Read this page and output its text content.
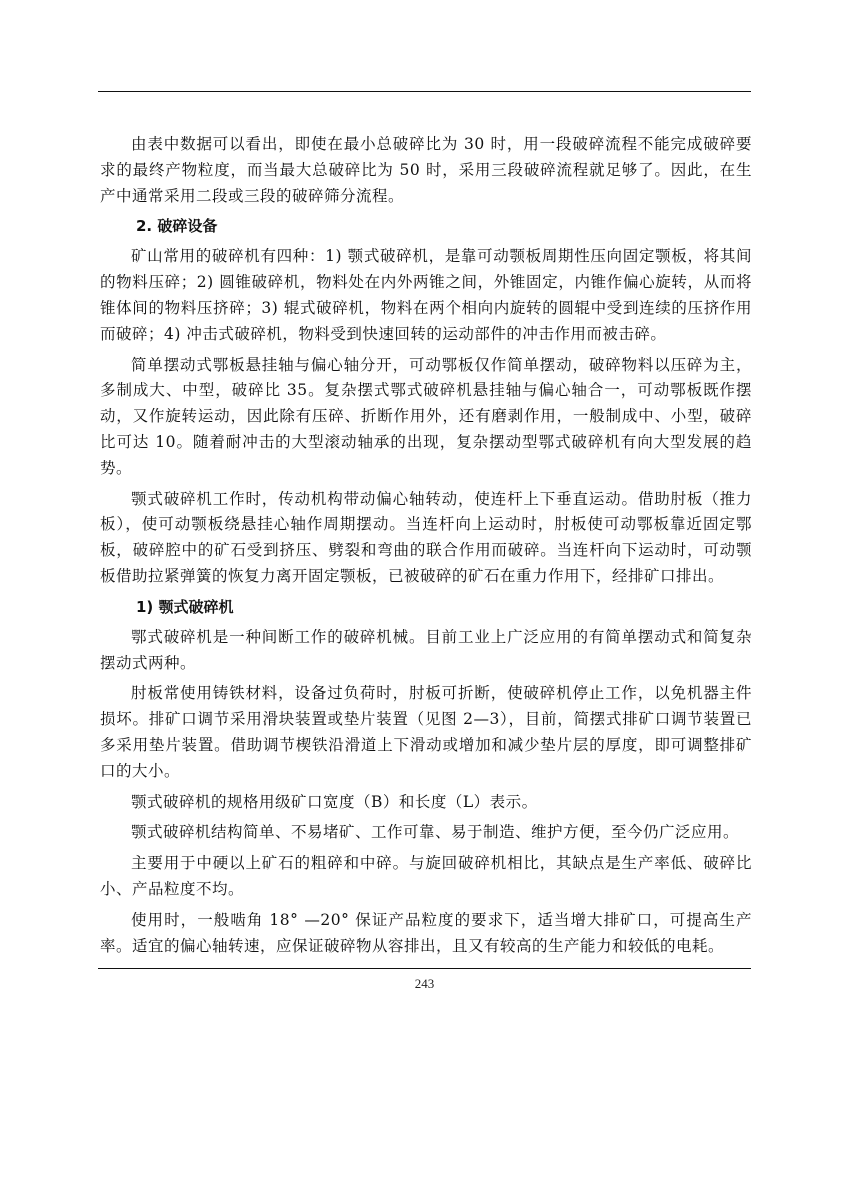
由表中数据可以看出，即使在最小总破碎比为 30 时，用一段破碎流程不能完成破碎要求的最终产物粒度，而当最大总破碎比为 50 时，采用三段破碎流程就足够了。因此，在生产中通常采用二段或三段的破碎筛分流程。

2. 破碎设备

矿山常用的破碎机有四种：1) 颚式破碎机，是靠可动颚板周期性压向固定颚板，将其间的物料压碎；2) 圆锥破碎机，物料处在内外两锥之间，外锥固定，内锥作偏心旋转，从而将锥体间的物料压挤碎；3) 辊式破碎机，物料在两个相向内旋转的圆辊中受到连续的压挤作用而破碎；4) 冲击式破碎机，物料受到快速回转的运动部件的冲击作用而被击碎。

简单摆动式鄂板悬挂轴与偏心轴分开，可动鄂板仅作简单摆动，破碎物料以压碎为主，多制成大、中型，破碎比 35。复杂摆式鄂式破碎机悬挂轴与偏心轴合一，可动鄂板既作摆动，又作旋转运动，因此除有压碎、折断作用外，还有磨剥作用，一般制成中、小型，破碎比可达 10。随着耐冲击的大型滚动轴承的出现，复杂摆动型鄂式破碎机有向大型发展的趋势。

颚式破碎机工作时，传动机构带动偏心轴转动，使连杆上下垂直运动。借助肘板（推力板），使可动颚板绕悬挂心轴作周期摆动。当连杆向上运动时，肘板使可动鄂板靠近固定鄂板，破碎腔中的矿石受到挤压、劈裂和弯曲的联合作用而破碎。当连杆向下运动时，可动颚板借助拉紧弹簧的恢复力离开固定颚板，已被破碎的矿石在重力作用下，经排矿口排出。

1) 颚式破碎机

鄂式破碎机是一种间断工作的破碎机械。目前工业上广泛应用的有简单摆动式和简复杂摆动式两种。

肘板常使用铸铁材料，设备过负荷时，肘板可折断，使破碎机停止工作，以免机器主件损坏。排矿口调节采用滑块装置或垫片装置（见图 2—3），目前，简摆式排矿口调节装置已多采用垫片装置。借助调节楔铁沿滑道上下滑动或增加和减少垫片层的厚度，即可调整排矿口的大小。

颚式破碎机的规格用级矿口宽度（B）和长度（L）表示。

颚式破碎机结构简单、不易堵矿、工作可靠、易于制造、维护方便，至今仍广泛应用。

主要用于中硬以上矿石的粗碎和中碎。与旋回破碎机相比，其缺点是生产率低、破碎比小、产品粒度不均。

使用时，一般啮角 18° —20° 保证产品粒度的要求下，适当增大排矿口，可提高生产率。适宜的偏心轴转速，应保证破碎物从容排出，且又有较高的生产能力和较低的电耗。

243
